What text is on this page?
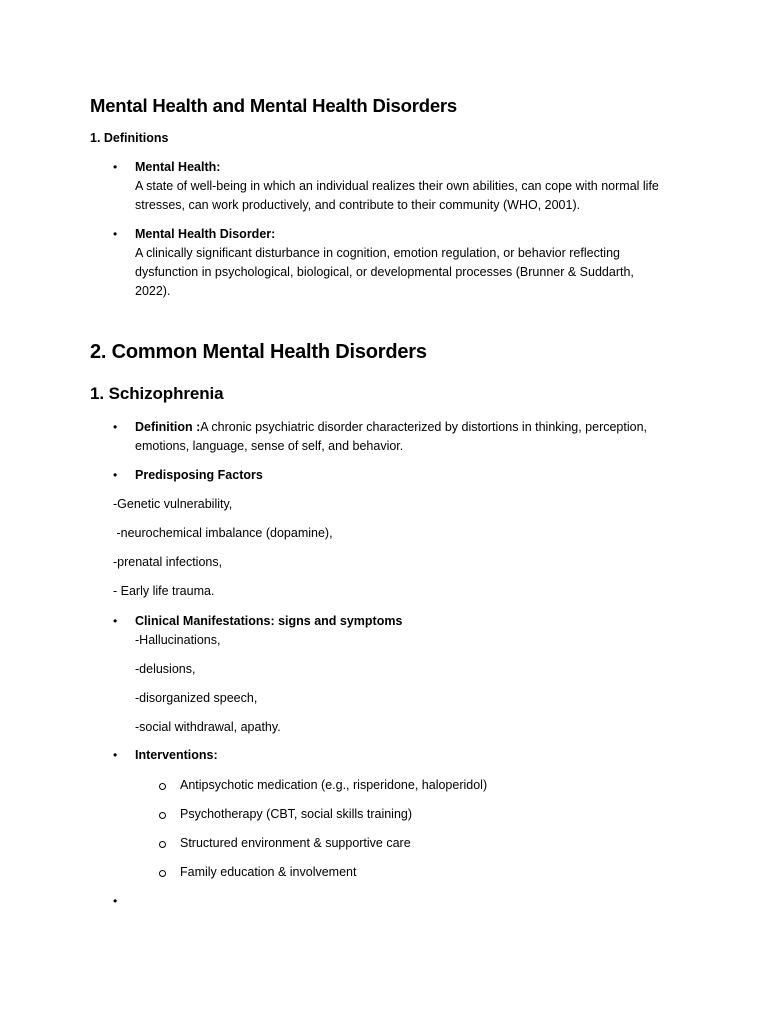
Mental Health and Mental Health Disorders
1. Definitions
• Mental Health:
A state of well-being in which an individual realizes their own abilities, can cope with normal life
stresses, can work productively, and contribute to their community (WHO, 2001).
• Mental Health Disorder:
A clinically significant disturbance in cognition, emotion regulation, or behavior reflecting
dysfunction in psychological, biological, or developmental processes (Brunner & Suddarth,
2022).
2. Common Mental Health Disorders
1. Schizophrenia
• Definition :A chronic psychiatric disorder characterized by distortions in thinking, perception,
emotions, language, sense of self, and behavior.
• Predisposing Factors
-Genetic vulnerability,
-neurochemical imbalance (dopamine),
-prenatal infections,
- Early life trauma.
• Clinical Manifestations: signs and symptoms
-Hallucinations,
-delusions,
-disorganized speech,
-social withdrawal, apathy.
• Interventions:
Antipsychotic medication (e.g., risperidone, haloperidol)
Psychotherapy (CBT, social skills training)
Structured environment & supportive care
Family education & involvement
•
